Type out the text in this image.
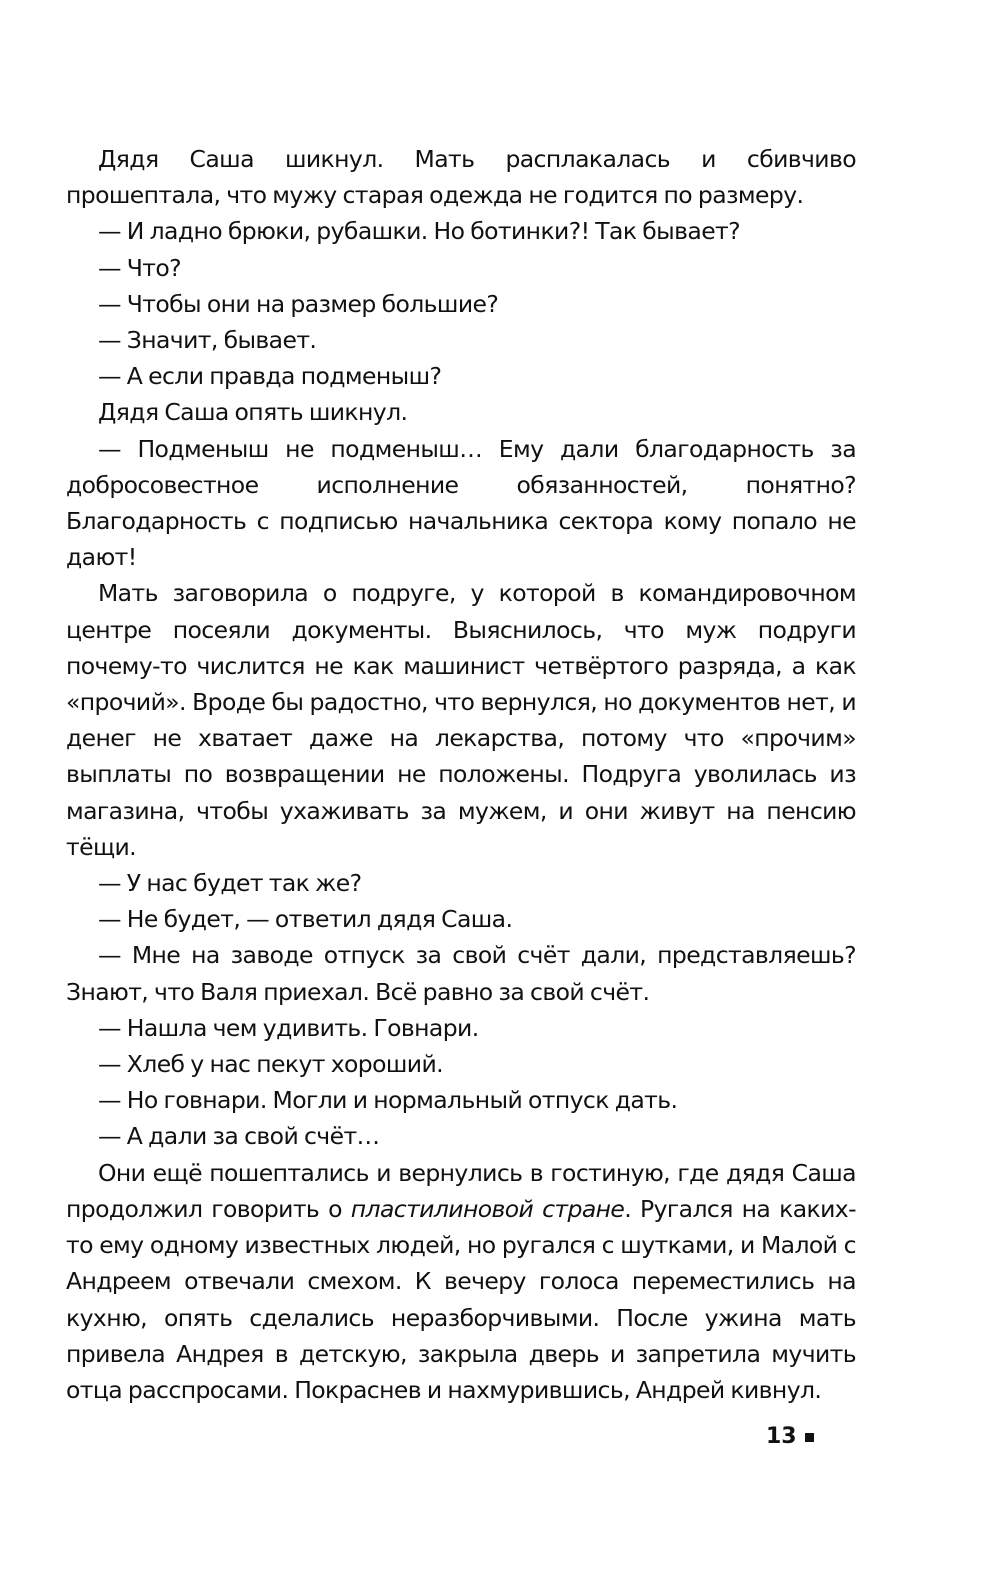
Дядя Саша шикнул. Мать расплакалась и сбивчиво прошептала, что мужу старая одежда не годится по размеру.

— И ладно брюки, рубашки. Но ботинки?! Так бывает?

— Что?

— Чтобы они на размер большие?

— Значит, бывает.

— А если правда подменыш?

Дядя Саша опять шикнул.

— Подменыш не подменыш… Ему дали благодарность за добросовестное исполнение обязанностей, понятно? Благодарность с подписью начальника сектора кому попало не дают!

Мать заговорила о подруге, у которой в командировочном центре посеяли документы. Выяснилось, что муж подруги почему-то числится не как машинист четвёртого разряда, а как «прочий». Вроде бы радостно, что вернулся, но документов нет, и денег не хватает даже на лекарства, потому что «прочим» выплаты по возвращении не положены. Подруга уволилась из магазина, чтобы ухаживать за мужем, и они живут на пенсию тёщи.

— У нас будет так же?

— Не будет, — ответил дядя Саша.

— Мне на заводе отпуск за свой счёт дали, представляешь? Знают, что Валя приехал. Всё равно за свой счёт.

— Нашла чем удивить. Говнари.

— Хлеб у нас пекут хороший.

— Но говнари. Могли и нормальный отпуск дать.

— А дали за свой счёт…

Они ещё пошептались и вернулись в гостиную, где дядя Саша продолжил говорить о пластилиновой стране. Ругался на каких-то ему одному известных людей, но ругался с шутками, и Малой с Андреем отвечали смехом. К вечеру голоса переместились на кухню, опять сделались неразборчивыми. После ужина мать привела Андрея в детскую, закрыла дверь и запретила мучить отца расспросами. Покраснев и нахмурившись, Андрей кивнул.

13
